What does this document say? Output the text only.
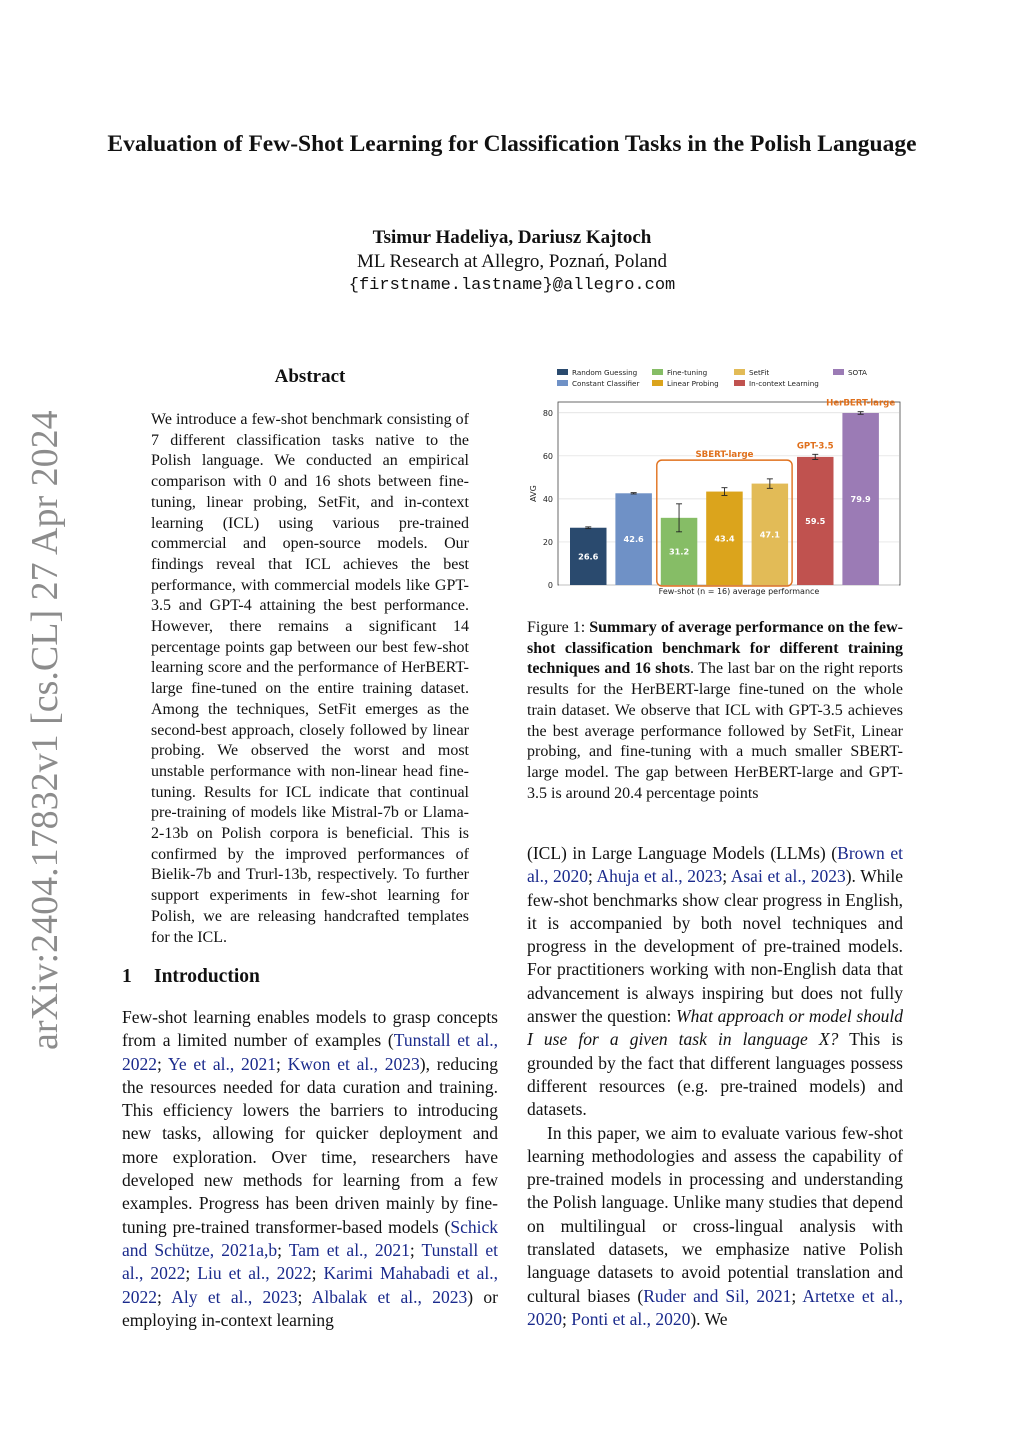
Evaluation of Few-Shot Learning for Classification Tasks in the Polish Language
Tsimur Hadeliya, Dariusz Kajtoch
ML Research at Allegro, Poznań, Poland
{firstname.lastname}@allegro.com
arXiv:2404.17832v1 [cs.CL] 27 Apr 2024
Abstract
We introduce a few-shot benchmark consisting of 7 different classification tasks native to the Polish language. We conducted an empirical comparison with 0 and 16 shots between fine-tuning, linear probing, SetFit, and in-context learning (ICL) using various pre-trained commercial and open-source models. Our findings reveal that ICL achieves the best performance, with commercial models like GPT-3.5 and GPT-4 attaining the best performance. However, there remains a significant 14 percentage points gap between our best few-shot learning score and the performance of HerBERT-large fine-tuned on the entire training dataset. Among the techniques, SetFit emerges as the second-best approach, closely followed by linear probing. We observed the worst and most unstable performance with non-linear head fine-tuning. Results for ICL indicate that continual pre-training of models like Mistral-7b or Llama-2-13b on Polish corpora is beneficial. This is confirmed by the improved performances of Bielik-7b and Trurl-13b, respectively. To further support experiments in few-shot learning for Polish, we are releasing handcrafted templates for the ICL.
1 Introduction
Few-shot learning enables models to grasp concepts from a limited number of examples (Tunstall et al., 2022; Ye et al., 2021; Kwon et al., 2023), reducing the resources needed for data curation and training. This efficiency lowers the barriers to introducing new tasks, allowing for quicker deployment and more exploration. Over time, researchers have developed new methods for learning from a few examples. Progress has been driven mainly by fine-tuning pre-trained transformer-based models (Schick and Schütze, 2021a,b; Tam et al., 2021; Tunstall et al., 2022; Liu et al., 2022; Karimi Mahabadi et al., 2022; Aly et al., 2023; Albalak et al., 2023) or employing in-context learning

(ICL) in Large Language Models (LLMs) (Brown et al., 2020; Ahuja et al., 2023; Asai et al., 2023). While few-shot benchmarks show clear progress in English, it is accompanied by both novel techniques and progress in the development of pre-trained models. For practitioners working with non-English data that advancement is always inspiring but does not fully answer the question: What approach or model should I use for a given task in language X? This is grounded by the fact that different languages possess different resources (e.g. pre-trained models) and datasets.

In this paper, we aim to evaluate various few-shot learning methodologies and assess the capability of pre-trained models in processing and understanding the Polish language. Unlike many studies that depend on multilingual or cross-lingual analysis with translated datasets, we emphasize native Polish language datasets to avoid potential translation and cultural biases (Ruder and Sil, 2021; Artetxe et al., 2020; Ponti et al., 2020). We

Random Guessing
Constant Classifier
Fine-tuning
Linear Probing
SetFit
In-context Learning
SOTA
0
20
40
60
80
AVG
Few-shot (n = 16) average performance
26.6
42.6
31.2
43.4	47.1
59.5
79.9
SBERT-large
GPT-3.5
HerBERT-large
Figure 1: Summary of average performance on the few-shot classification benchmark for different training techniques and 16 shots. The last bar on the right reports results for the HerBERT-large fine-tuned on the whole train dataset. We observe that ICL with GPT-3.5 achieves the best average performance followed by SetFit, Linear probing, and fine-tuning with a much smaller SBERT-large model. The gap between HerBERT-large and GPT-3.5 is around 20.4 percentage points
